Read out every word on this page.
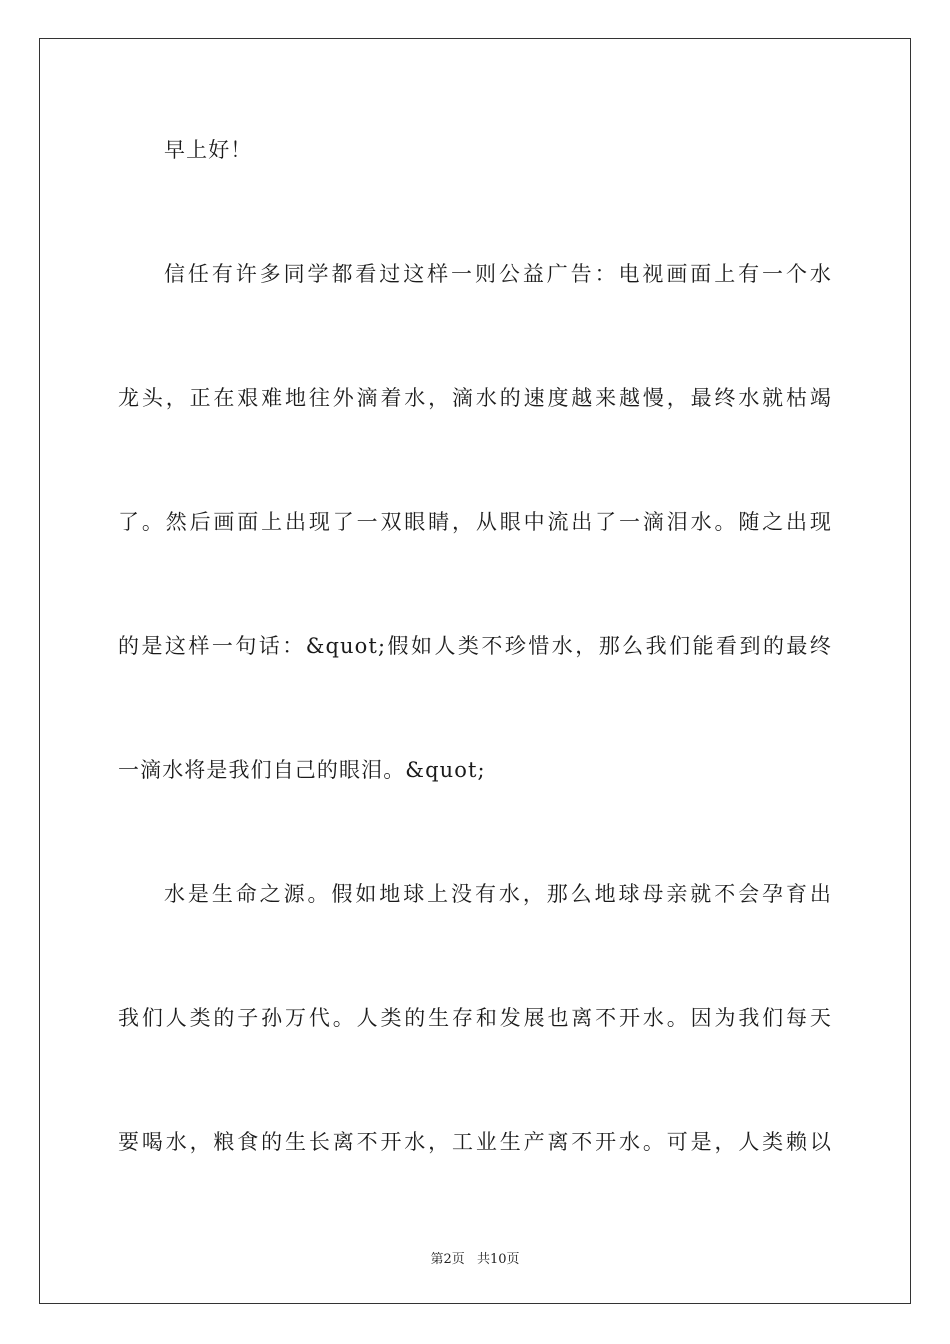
早上好！
信任有许多同学都看过这样一则公益广告：电视画面上有一个水
龙头，正在艰难地往外滴着水，滴水的速度越来越慢，最终水就枯竭
了。然后画面上出现了一双眼睛，从眼中流出了一滴泪水。随之出现
的是这样一句话：&quot;假如人类不珍惜水，那么我们能看到的最终
一滴水将是我们自己的眼泪。&quot;
水是生命之源。假如地球上没有水，那么地球母亲就不会孕育出
我们人类的子孙万代。人类的生存和发展也离不开水。因为我们每天
要喝水，粮食的生长离不开水，工业生产离不开水。可是，人类赖以
第2页 共10页
